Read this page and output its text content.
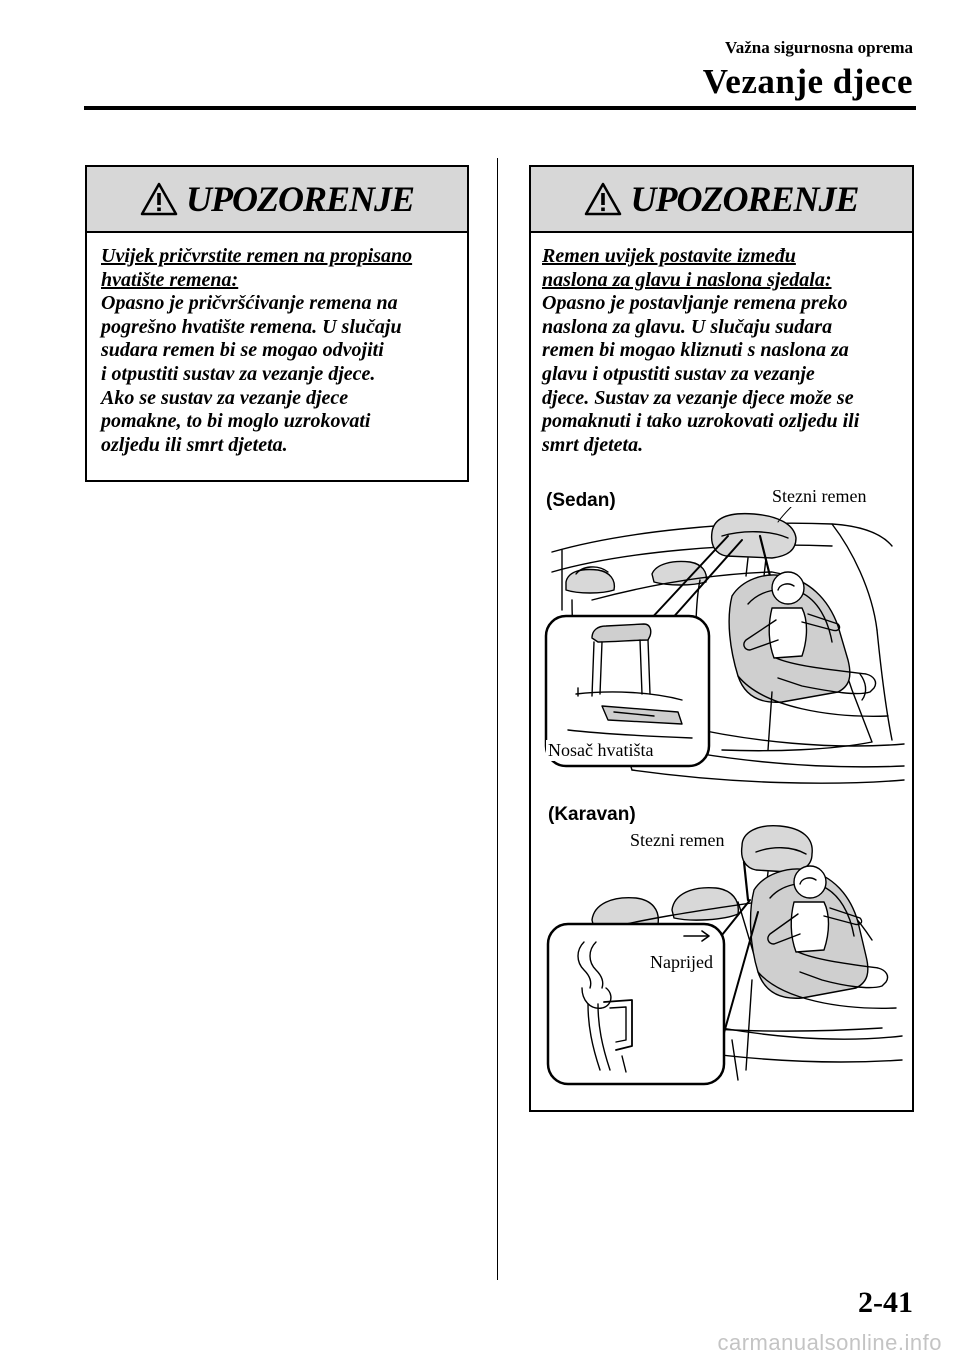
Važna sigurnosna oprema
Vezanje djece
UPOZORENJE

Uvijek pričvrstite remen na propisano

hvatište remena:

Opasno je pričvršćivanje remena na

pogrešno hvatište remena. U slučaju

sudara remen bi se mogao odvojiti

i otpustiti sustav za vezanje djece.

Ako se sustav za vezanje djece

pomakne, to bi moglo uzrokovati

ozljedu ili smrt djeteta.

UPOZORENJE

Remen uvijek postavite između

naslona za glavu i naslona sjedala:

Opasno je postavljanje remena preko

naslona za glavu. U slučaju sudara

remen bi mogao kliznuti s naslona za

glavu i otpustiti sustav za vezanje

djece. Sustav za vezanje djece može se

pomaknuti i tako uzrokovati ozljedu ili

smrt djeteta.

(Sedan)	Stezni remen
Nosač hvatišta
(Karavan)
Stezni remen
Naprijed
2-41
carmanualsonline.info
